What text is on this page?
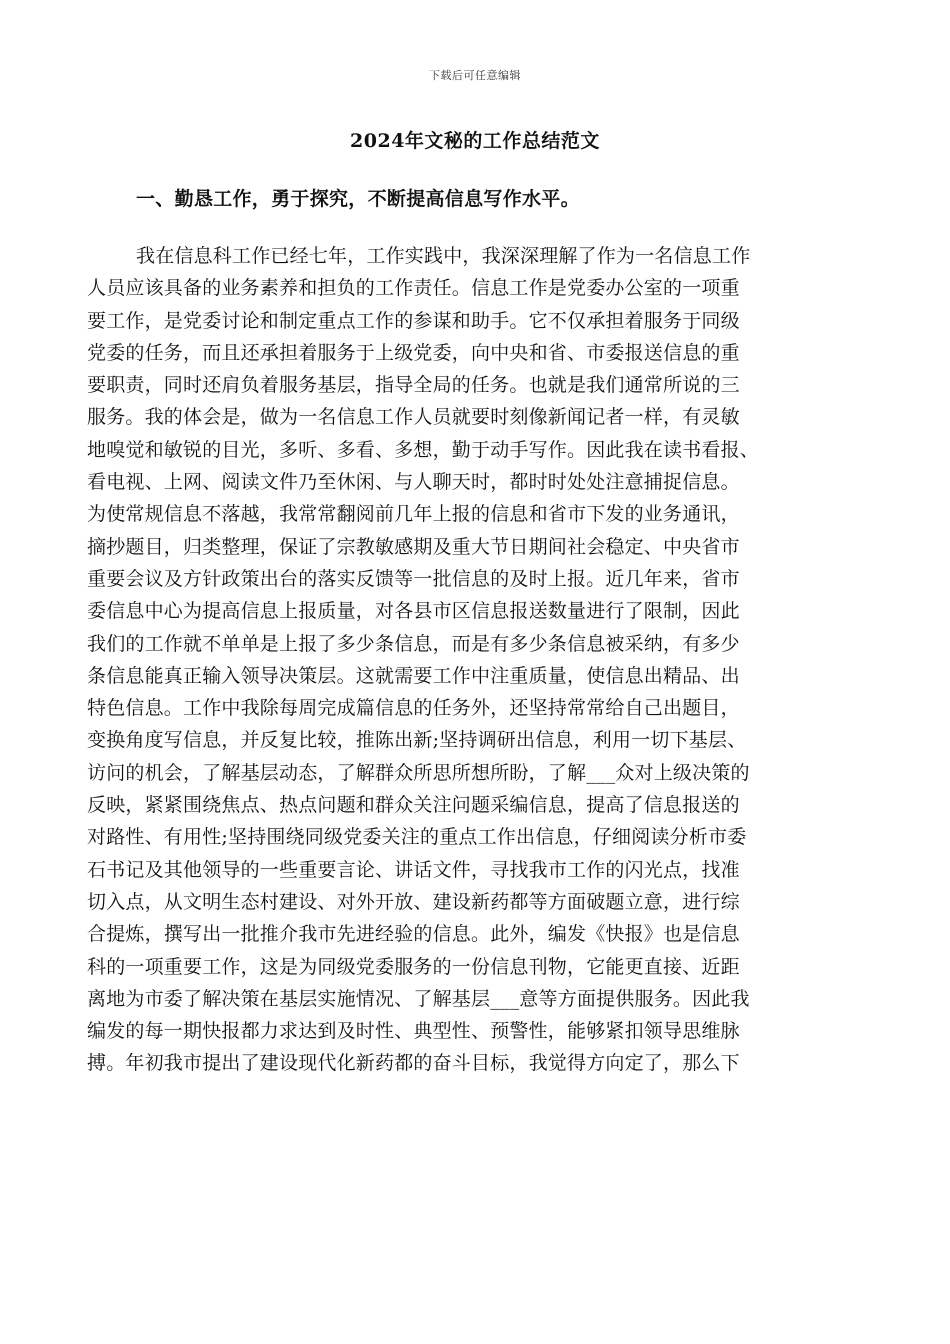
下载后可任意编辑
2024年文秘的工作总结范文
一、勤恳工作，勇于探究，不断提高信息写作水平。
我在信息科工作已经七年，工作实践中，我深深理解了作为一名信息工作
人员应该具备的业务素养和担负的工作责任。信息工作是党委办公室的一项重
要工作，是党委讨论和制定重点工作的参谋和助手。它不仅承担着服务于同级
党委的任务，而且还承担着服务于上级党委，向中央和省、市委报送信息的重
要职责，同时还肩负着服务基层，指导全局的任务。也就是我们通常所说的三
服务。我的体会是，做为一名信息工作人员就要时刻像新闻记者一样，有灵敏
地嗅觉和敏锐的目光，多听、多看、多想，勤于动手写作。因此我在读书看报、
看电视、上网、阅读文件乃至休闲、与人聊天时，都时时处处注意捕捉信息。
为使常规信息不落越，我常常翻阅前几年上报的信息和省市下发的业务通讯，
摘抄题目，归类整理，保证了宗教敏感期及重大节日期间社会稳定、中央省市
重要会议及方针政策出台的落实反馈等一批信息的及时上报。近几年来，省市
委信息中心为提高信息上报质量，对各县市区信息报送数量进行了限制，因此
我们的工作就不单单是上报了多少条信息，而是有多少条信息被采纳，有多少
条信息能真正输入领导决策层。这就需要工作中注重质量，使信息出精品、出
特色信息。工作中我除每周完成篇信息的任务外，还坚持常常给自己出题目，
变换角度写信息，并反复比较，推陈出新;坚持调研出信息，利用一切下基层、
访问的机会，了解基层动态，了解群众所思所想所盼，了解___众对上级决策的
反映，紧紧围绕焦点、热点问题和群众关注问题采编信息，提高了信息报送的
对路性、有用性;坚持围绕同级党委关注的重点工作出信息，仔细阅读分析市委
石书记及其他领导的一些重要言论、讲话文件，寻找我市工作的闪光点，找准
切入点，从文明生态村建设、对外开放、建设新药都等方面破题立意，进行综
合提炼，撰写出一批推介我市先进经验的信息。此外，编发《快报》也是信息
科的一项重要工作，这是为同级党委服务的一份信息刊物，它能更直接、近距
离地为市委了解决策在基层实施情况、了解基层___意等方面提供服务。因此我
编发的每一期快报都力求达到及时性、典型性、预警性，能够紧扣领导思维脉
搏。年初我市提出了建设现代化新药都的奋斗目标，我觉得方向定了，那么下
